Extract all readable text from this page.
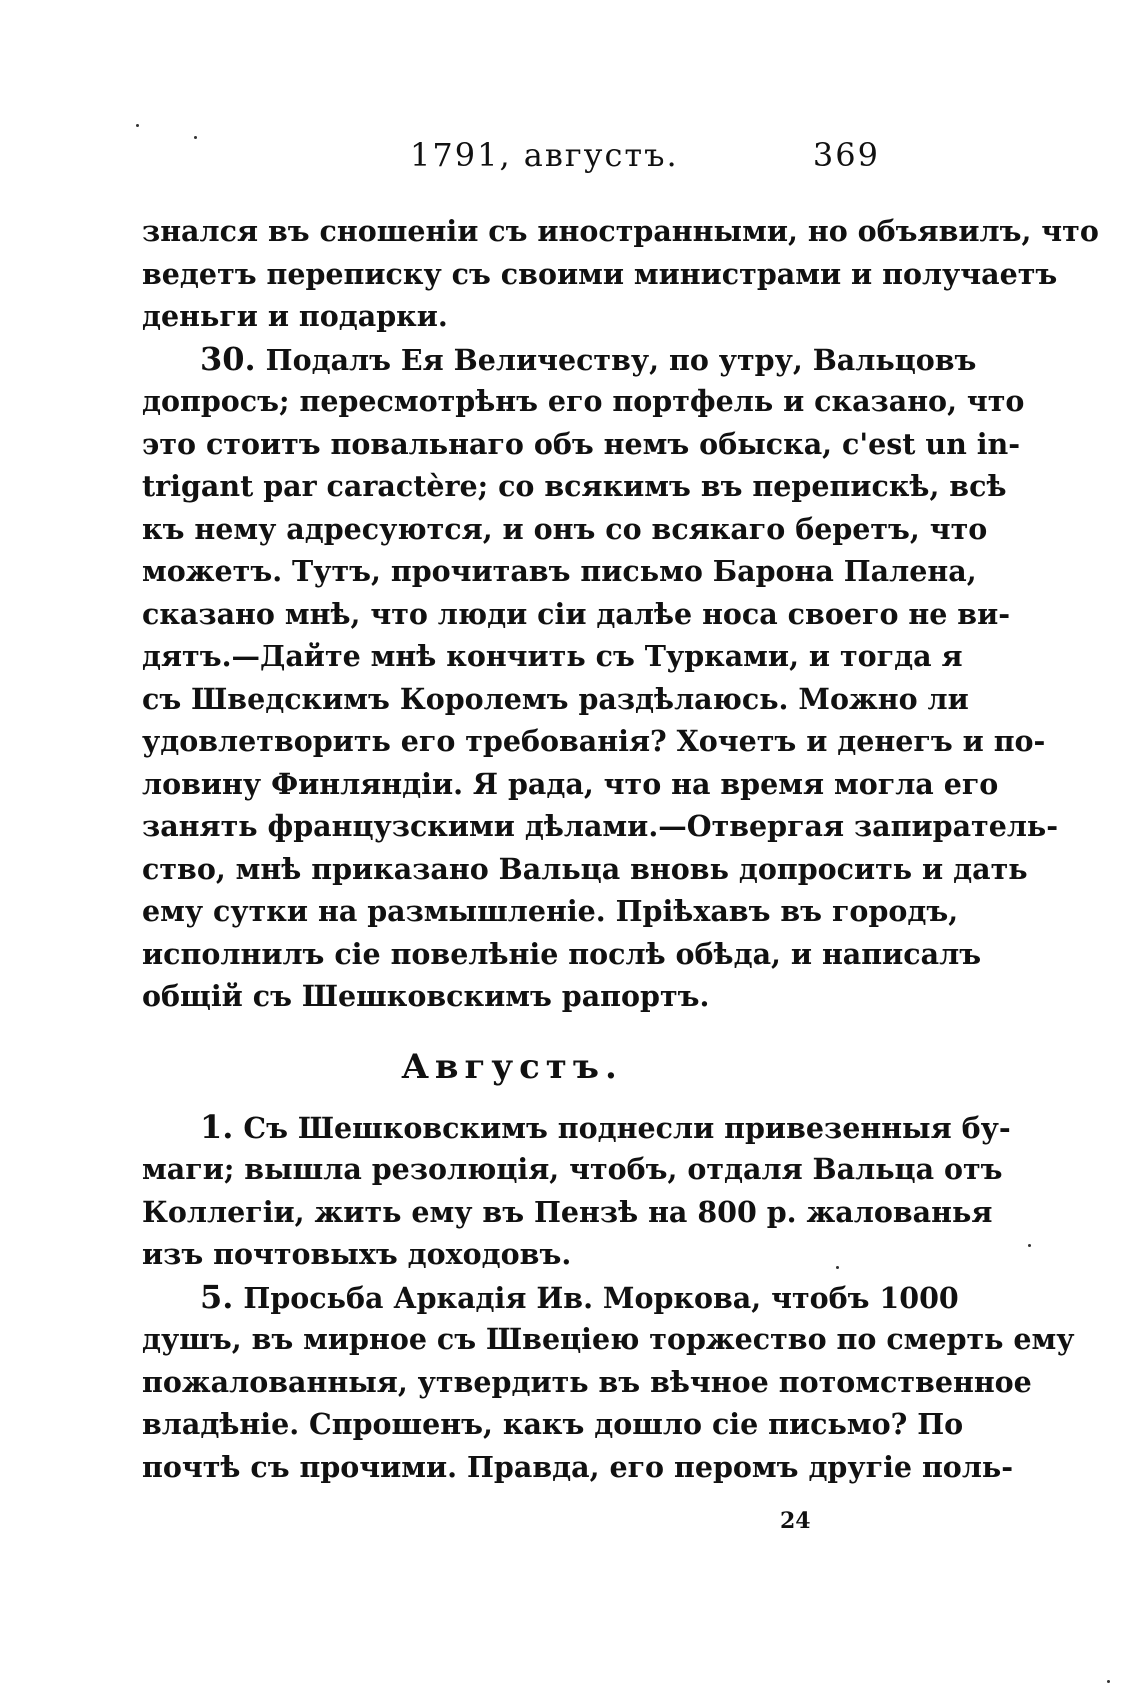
1791, августъ.	369
знался въ сношеніи съ иностранными, но объявилъ, что
ведетъ переписку съ своими министрами и получаетъ
деньги и подарки.
30. Подалъ Ея Величеству, по утру, Вальцовъ
допросъ; пересмотрѣнъ его портфель и сказано, что
это стоитъ повальнаго объ немъ обыска, c'est un in-
trigant par caractère; со всякимъ въ перепискѣ, всѣ
къ нему адресуются, и онъ со всякаго беретъ, что
можетъ. Тутъ, прочитавъ письмо Барона Палена,
сказано мнѣ, что люди сіи далѣе носа своего не ви-
дятъ.—Дайте мнѣ кончить съ Турками, и тогда я
съ Шведскимъ Королемъ раздѣлаюсь. Можно ли
удовлетворить его требованія? Хочетъ и денегъ и по-
ловину Финляндіи. Я рада, что на время могла его
занять французскими дѣлами.—Отвергая запиратель-
ство, мнѣ приказано Вальца вновь допросить и дать
ему сутки на размышленіе. Пріѣхавъ въ городъ,
исполнилъ сіе повелѣніе послѣ обѣда, и написалъ
общій съ Шешковскимъ рапортъ.
Августъ.
1. Съ Шешковскимъ поднесли привезенныя бу-
маги; вышла резолюція, чтобъ, отдаля Вальца отъ
Коллегіи, жить ему въ Пензѣ на 800 р. жалованья
изъ почтовыхъ доходовъ.
5. Просьба Аркадія Ив. Моркова, чтобъ 1000
душъ, въ мирное съ Швеціею торжество по смерть ему
пожалованныя, утвердить въ вѣчное потомственное
владѣніе. Спрошенъ, какъ дошло сіе письмо? По
почтѣ съ прочими. Правда, его перомъ другіе поль-
24
